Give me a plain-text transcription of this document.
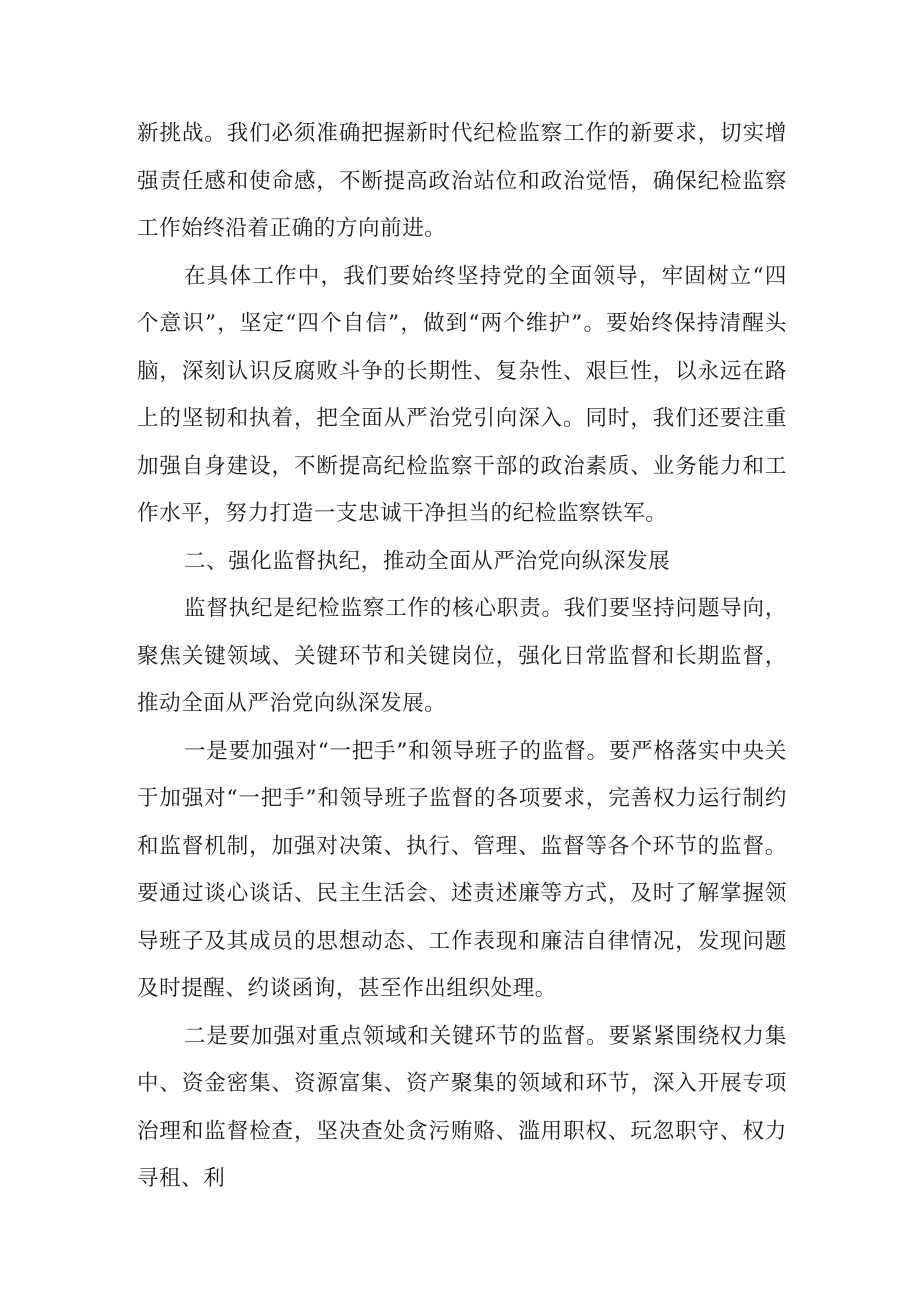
新挑战。我们必须准确把握新时代纪检监察工作的新要求，切实增强责任感和使命感，不断提高政治站位和政治觉悟，确保纪检监察工作始终沿着正确的方向前进。

在具体工作中，我们要始终坚持党的全面领导，牢固树立“四个意识”，坚定“四个自信”，做到“两个维护”。要始终保持清醒头脑，深刻认识反腐败斗争的长期性、复杂性、艰巨性，以永远在路上的坚韧和执着，把全面从严治党引向深入。同时，我们还要注重加强自身建设，不断提高纪检监察干部的政治素质、业务能力和工作水平，努力打造一支忠诚干净担当的纪检监察铁军。

二、强化监督执纪，推动全面从严治党向纵深发展

监督执纪是纪检监察工作的核心职责。我们要坚持问题导向，聚焦关键领域、关键环节和关键岗位，强化日常监督和长期监督，推动全面从严治党向纵深发展。

一是要加强对“一把手”和领导班子的监督。要严格落实中央关于加强对“一把手”和领导班子监督的各项要求，完善权力运行制约和监督机制，加强对决策、执行、管理、监督等各个环节的监督。要通过谈心谈话、民主生活会、述责述廉等方式，及时了解掌握领导班子及其成员的思想动态、工作表现和廉洁自律情况，发现问题及时提醒、约谈函询，甚至作出组织处理。

二是要加强对重点领域和关键环节的监督。要紧紧围绕权力集中、资金密集、资源富集、资产聚集的领域和环节，深入开展专项治理和监督检查，坚决查处贪污贿赂、滥用职权、玩忽职守、权力寻租、利
